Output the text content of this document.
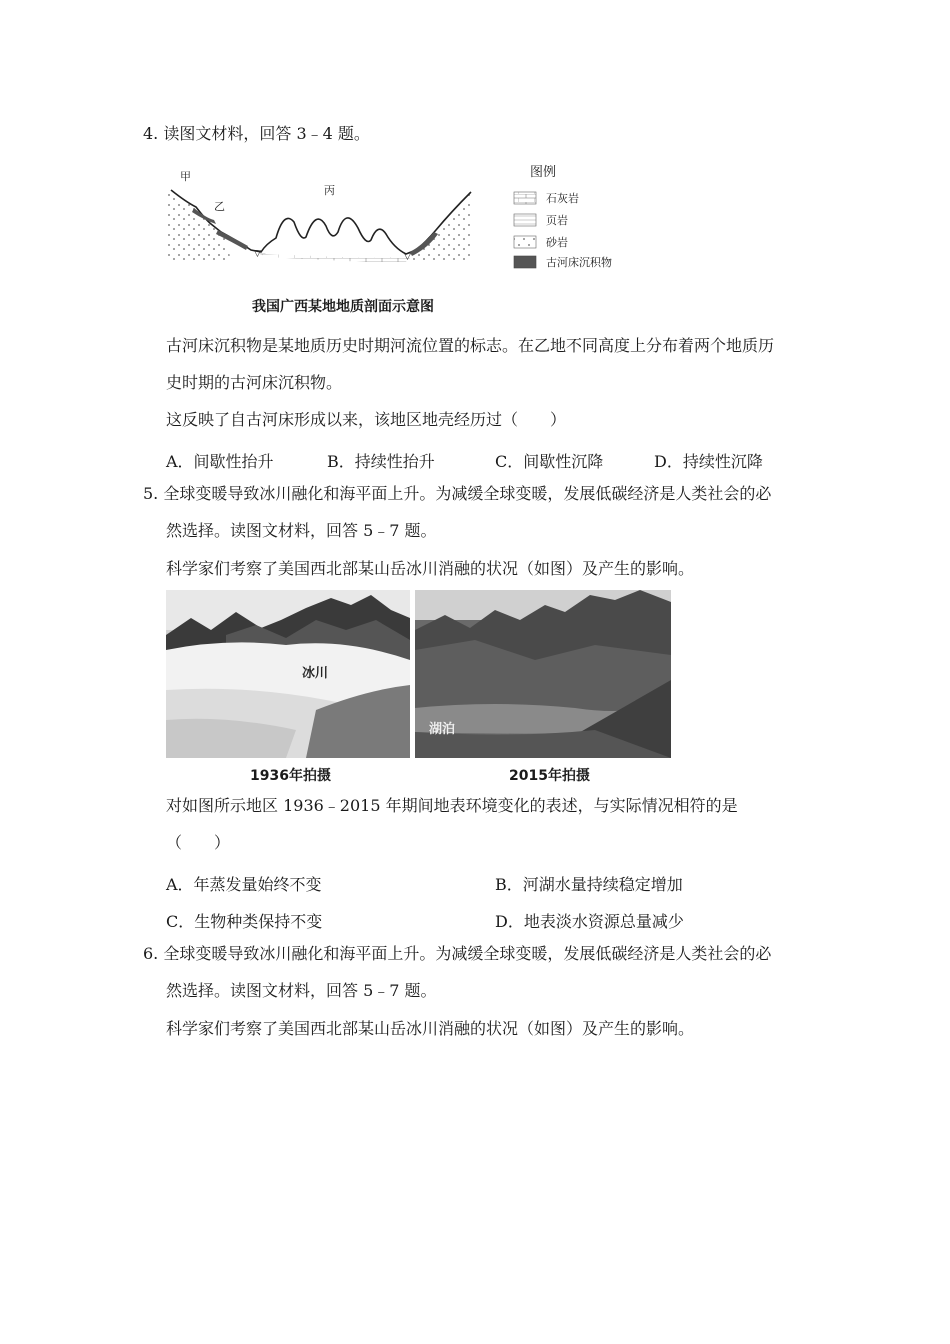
4. 读图文材料，回答 3﹣4 题。
▽	▽
甲
乙
丙
图例
石灰岩
页岩
砂岩
古河床沉积物
我国广西某地地质剖面示意图
古河床沉积物是某地质历史时期河流位置的标志。在乙地不同高度上分布着两个地质历
史时期的古河床沉积物。
这反映了自古河床形成以来，该地区地壳经历过（　　）
A．间歇性抬升	B．持续性抬升	C．间歇性沉降	D．持续性沉降
5. 全球变暖导致冰川融化和海平面上升。为减缓全球变暖，发展低碳经济是人类社会的必
然选择。读图文材料，回答 5﹣7 题。
科学家们考察了美国西北部某山岳冰川消融的状况（如图）及产生的影响。
冰川
湖泊
1936年拍摄	2015年拍摄
对如图所示地区 1936﹣2015 年期间地表环境变化的表述，与实际情况相符的是
（　　）
A．年蒸发量始终不变	B．河湖水量持续稳定增加
C．生物种类保持不变	D．地表淡水资源总量减少
6. 全球变暖导致冰川融化和海平面上升。为减缓全球变暖，发展低碳经济是人类社会的必
然选择。读图文材料，回答 5﹣7 题。
科学家们考察了美国西北部某山岳冰川消融的状况（如图）及产生的影响。
